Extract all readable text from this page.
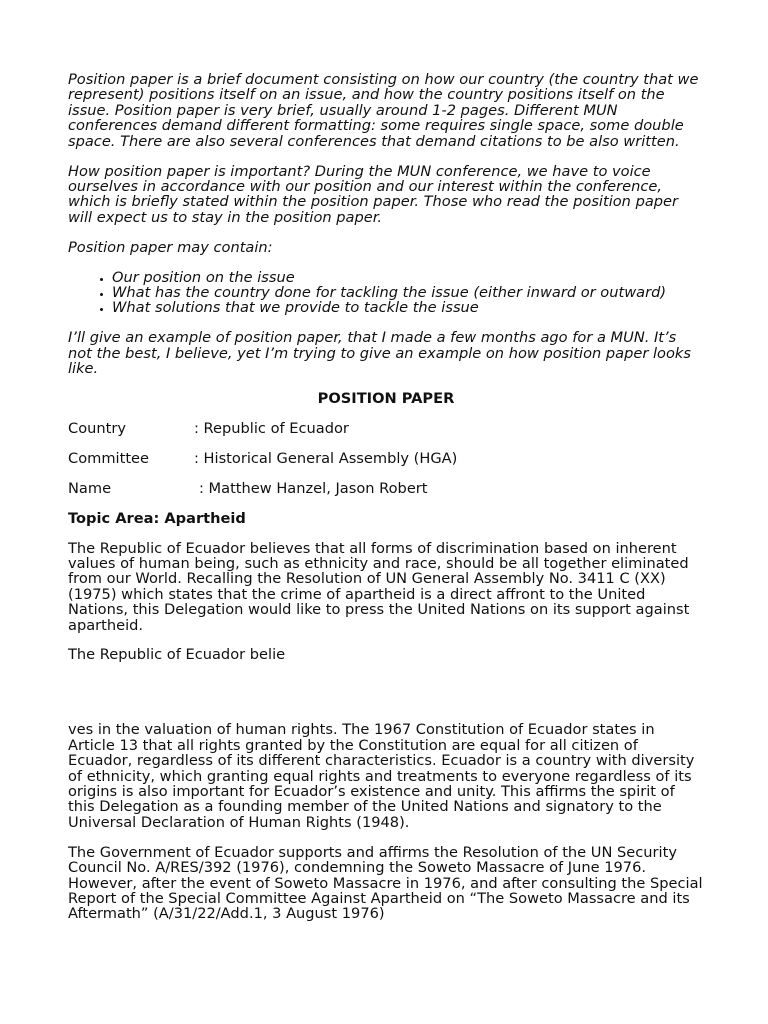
Position paper is a brief document consisting on how our country (the country that we represent) positions itself on an issue, and how the country positions itself on the issue. Position paper is very brief, usually around 1-2 pages. Different MUN conferences demand different formatting: some requires single space, some double space. There are also several conferences that demand citations to be also written.

How position paper is important? During the MUN conference, we have to voice ourselves in accordance with our position and our interest within the conference, which is briefly stated within the position paper. Those who read the position paper will expect us to stay in the position paper.

Position paper may contain:

• Our position on the issue
• What has the country done for tackling the issue (either inward or outward)
• What solutions that we provide to tackle the issue

I’ll give an example of position paper, that I made a few months ago for a MUN. It’s not the best, I believe, yet I’m trying to give an example on how position paper looks like.

POSITION PAPER
Country	: Republic of Ecuador
Committee	: Historical General Assembly (HGA)
Name	: Matthew Hanzel, Jason Robert
Topic Area: Apartheid

The Republic of Ecuador believes that all forms of discrimination based on inherent values of human being, such as ethnicity and race, should be all together eliminated from our World. Recalling the Resolution of UN General Assembly No. 3411 C (XX) (1975) which states that the crime of apartheid is a direct affront to the United Nations, this Delegation would like to press the United Nations on its support against apartheid.

The Republic of Ecuador belie

ves in the valuation of human rights. The 1967 Constitution of Ecuador states in Article 13 that all rights granted by the Constitution are equal for all citizen of Ecuador, regardless of its different characteristics. Ecuador is a country with diversity of ethnicity, which granting equal rights and treatments to everyone regardless of its origins is also important for Ecuador’s existence and unity. This affirms the spirit of this Delegation as a founding member of the United Nations and signatory to the Universal Declaration of Human Rights (1948).

The Government of Ecuador supports and affirms the Resolution of the UN Security Council No. A/RES/392 (1976), condemning the Soweto Massacre of June 1976. However, after the event of Soweto Massacre in 1976, and after consulting the Special Report of the Special Committee Against Apartheid on “The Soweto Massacre and its Aftermath” (A/31/22/Add.1, 3 August 1976)
